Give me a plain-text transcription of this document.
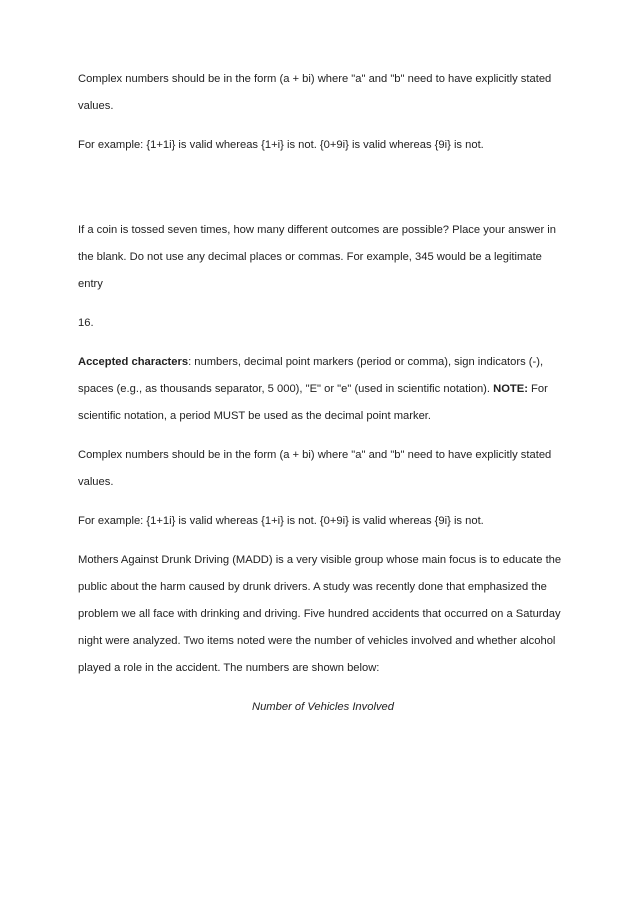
Complex numbers should be in the form (a + bi) where "a" and "b" need to have explicitly stated values.

For example: {1+1i} is valid whereas {1+i} is not. {0+9i} is valid whereas {9i} is not.

If a coin is tossed seven times, how many different outcomes are possible? Place your answer in the blank. Do not use any decimal places or commas. For example, 345 would be a legitimate entry

16.

Accepted characters: numbers, decimal point markers (period or comma), sign indicators (-), spaces (e.g., as thousands separator, 5 000), "E" or "e" (used in scientific notation). NOTE: For scientific notation, a period MUST be used as the decimal point marker.

Complex numbers should be in the form (a + bi) where "a" and "b" need to have explicitly stated values.

For example: {1+1i} is valid whereas {1+i} is not. {0+9i} is valid whereas {9i} is not.

Mothers Against Drunk Driving (MADD) is a very visible group whose main focus is to educate the public about the harm caused by drunk drivers. A study was recently done that emphasized the problem we all face with drinking and driving. Five hundred accidents that occurred on a Saturday night were analyzed. Two items noted were the number of vehicles involved and whether alcohol played a role in the accident. The numbers are shown below:

Number of Vehicles Involved
